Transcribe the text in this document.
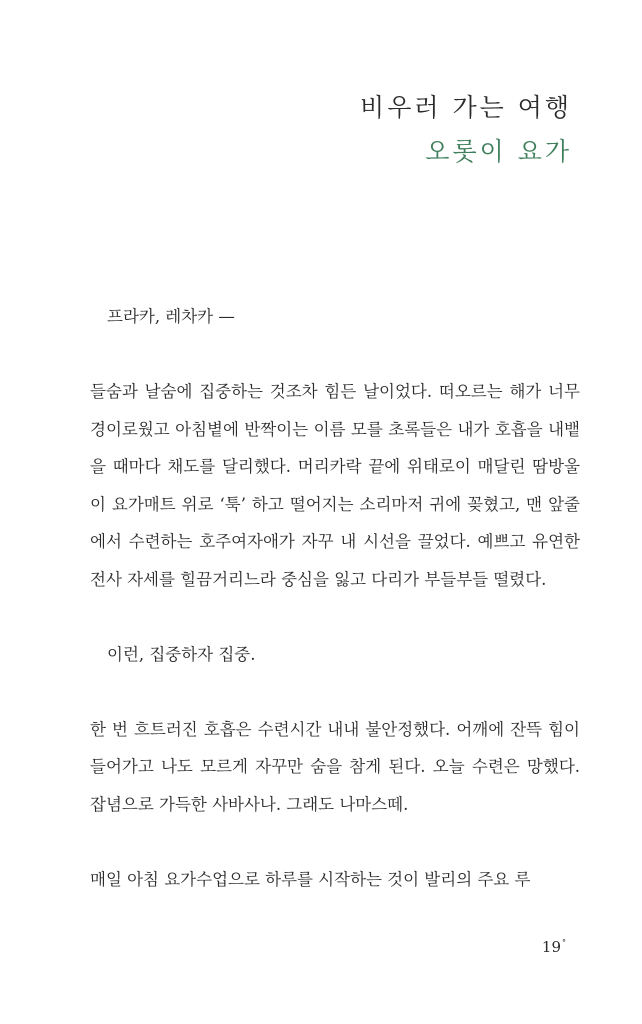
비우러 가는 여행
오롯이 요가

프라카, 레차카 —

들숨과 날숨에 집중하는 것조차 힘든 날이었다. 떠오르는 해가 너무 경이로웠고 아침볕에 반짝이는 이름 모를 초록들은 내가 호흡을 내뱉을 때마다 채도를 달리했다. 머리카락 끝에 위태로이 매달린 땀방울이 요가매트 위로 ‘툭’ 하고 떨어지는 소리마저 귀에 꽂혔고, 맨 앞줄에서 수련하는 호주여자애가 자꾸 내 시선을 끌었다. 예쁘고 유연한 전사 자세를 힐끔거리느라 중심을 잃고 다리가 부들부들 떨렸다.

이런, 집중하자 집중.

한 번 흐트러진 호흡은 수련시간 내내 불안정했다. 어깨에 잔뜩 힘이 들어가고 나도 모르게 자꾸만 숨을 참게 된다. 오늘 수련은 망했다. 잡념으로 가득한 사바사나. 그래도 나마스떼.

매일 아침 요가수업으로 하루를 시작하는 것이 발리의 주요 루

19°
